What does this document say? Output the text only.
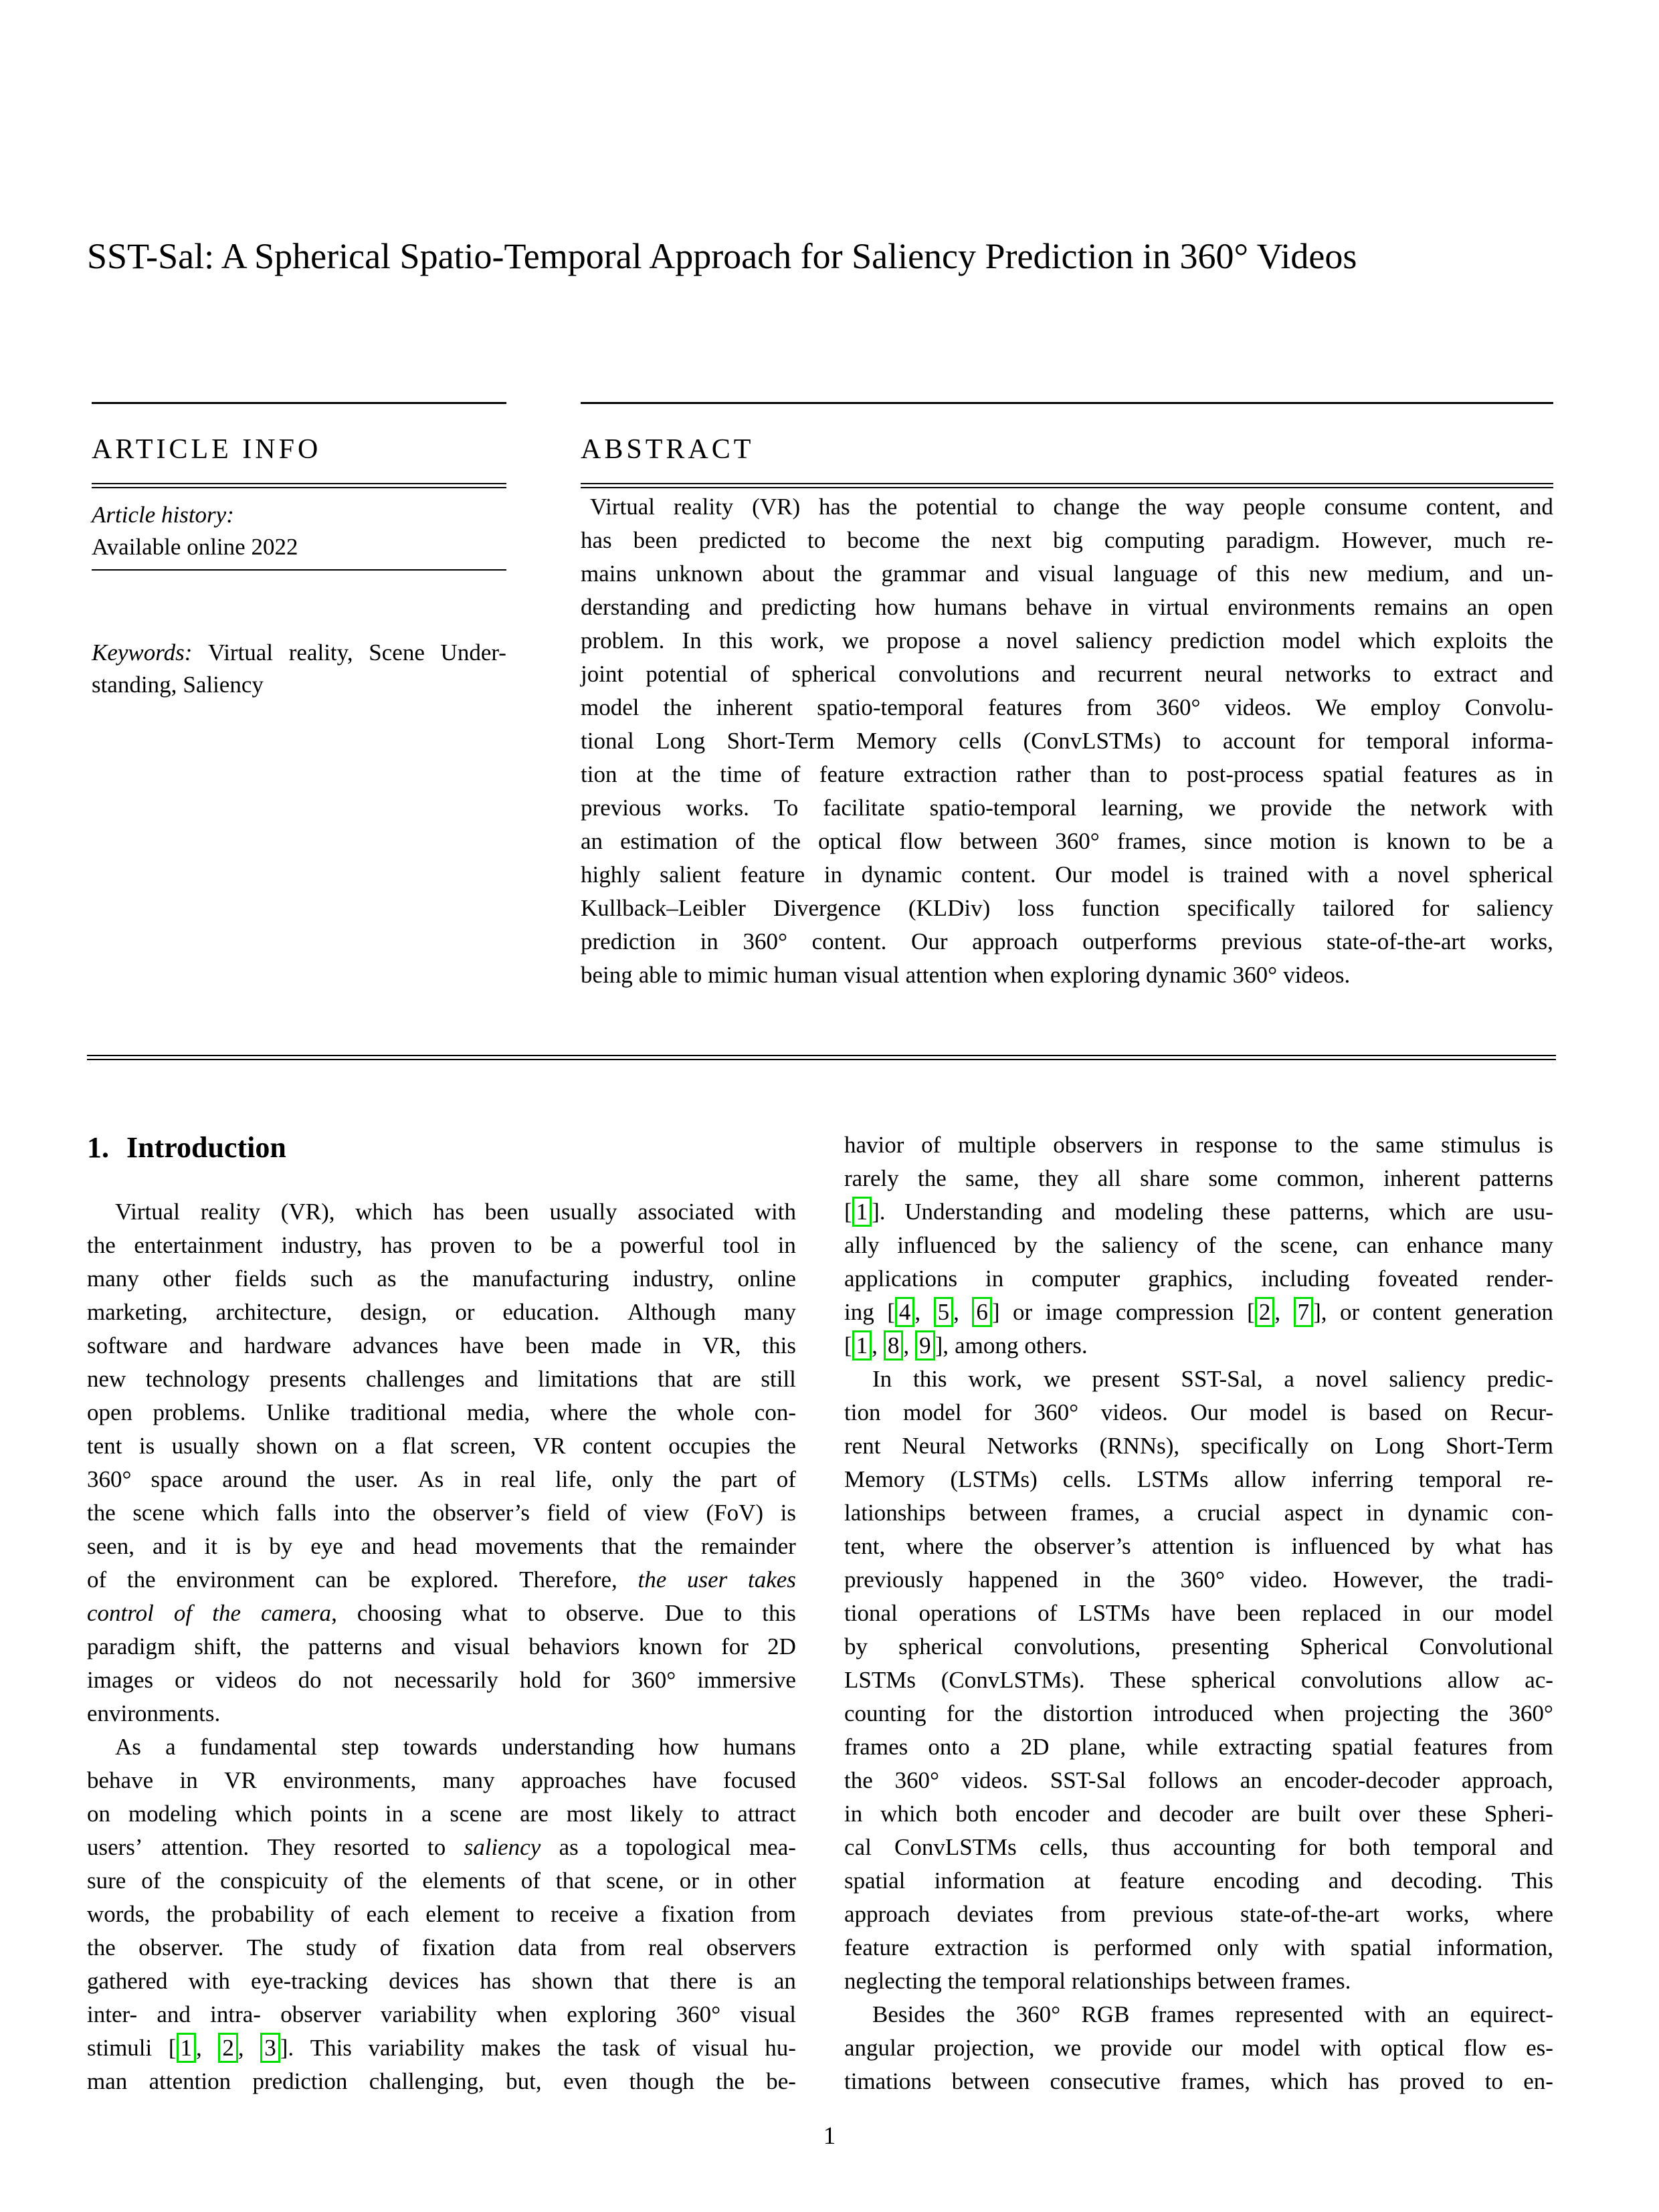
SST-Sal: A Spherical Spatio-Temporal Approach for Saliency Prediction in 360° Videos
ARTICLE INFO
Article history:
Available online 2022
Keywords: Virtual reality, Scene Under-
standing, Saliency
ABSTRACT
Virtual reality (VR) has the potential to change the way people consume content, and
has been predicted to become the next big computing paradigm. However, much re-
mains unknown about the grammar and visual language of this new medium, and un-
derstanding and predicting how humans behave in virtual environments remains an open
problem. In this work, we propose a novel saliency prediction model which exploits the
joint potential of spherical convolutions and recurrent neural networks to extract and
model the inherent spatio-temporal features from 360° videos. We employ Convolu-
tional Long Short-Term Memory cells (ConvLSTMs) to account for temporal informa-
tion at the time of feature extraction rather than to post-process spatial features as in
previous works. To facilitate spatio-temporal learning, we provide the network with
an estimation of the optical flow between 360° frames, since motion is known to be a
highly salient feature in dynamic content. Our model is trained with a novel spherical
Kullback–Leibler Divergence (KLDiv) loss function specifically tailored for saliency
prediction in 360° content. Our approach outperforms previous state-of-the-art works,
being able to mimic human visual attention when exploring dynamic 360° videos.
1. Introduction
Virtual reality (VR), which has been usually associated with
the entertainment industry, has proven to be a powerful tool in
many other fields such as the manufacturing industry, online
marketing, architecture, design, or education. Although many
software and hardware advances have been made in VR, this
new technology presents challenges and limitations that are still
open problems. Unlike traditional media, where the whole con-
tent is usually shown on a flat screen, VR content occupies the
360° space around the user. As in real life, only the part of
the scene which falls into the observer’s field of view (FoV) is
seen, and it is by eye and head movements that the remainder
of the environment can be explored. Therefore, the user takes
control of the camera, choosing what to observe. Due to this
paradigm shift, the patterns and visual behaviors known for 2D
images or videos do not necessarily hold for 360° immersive
environments.
As a fundamental step towards understanding how humans
behave in VR environments, many approaches have focused
on modeling which points in a scene are most likely to attract
users’ attention. They resorted to saliency as a topological mea-
sure of the conspicuity of the elements of that scene, or in other
words, the probability of each element to receive a fixation from
the observer. The study of fixation data from real observers
gathered with eye-tracking devices has shown that there is an
inter- and intra- observer variability when exploring 360° visual
stimuli [ 1 , 2 , 3 ]. This variability makes the task of visual hu-
man attention prediction challenging, but, even though the be-
havior of multiple observers in response to the same stimulus is
rarely the same, they all share some common, inherent patterns
[ 1 ]. Understanding and modeling these patterns, which are usu-
ally influenced by the saliency of the scene, can enhance many
applications in computer graphics, including foveated render-
ing [ 4 , 5 , 6 ] or image compression [ 2 , 7 ], or content generation
[ 1 , 8 , 9 ], among others.
In this work, we present SST-Sal, a novel saliency predic-
tion model for 360° videos. Our model is based on Recur-
rent Neural Networks (RNNs), specifically on Long Short-Term
Memory (LSTMs) cells. LSTMs allow inferring temporal re-
lationships between frames, a crucial aspect in dynamic con-
tent, where the observer’s attention is influenced by what has
previously happened in the 360° video. However, the tradi-
tional operations of LSTMs have been replaced in our model
by spherical convolutions, presenting Spherical Convolutional
LSTMs (ConvLSTMs). These spherical convolutions allow ac-
counting for the distortion introduced when projecting the 360°
frames onto a 2D plane, while extracting spatial features from
the 360° videos. SST-Sal follows an encoder-decoder approach,
in which both encoder and decoder are built over these Spheri-
cal ConvLSTMs cells, thus accounting for both temporal and
spatial information at feature encoding and decoding. This
approach deviates from previous state-of-the-art works, where
feature extraction is performed only with spatial information,
neglecting the temporal relationships between frames.
Besides the 360° RGB frames represented with an equirect-
angular projection, we provide our model with optical flow es-
timations between consecutive frames, which has proved to en-
1
